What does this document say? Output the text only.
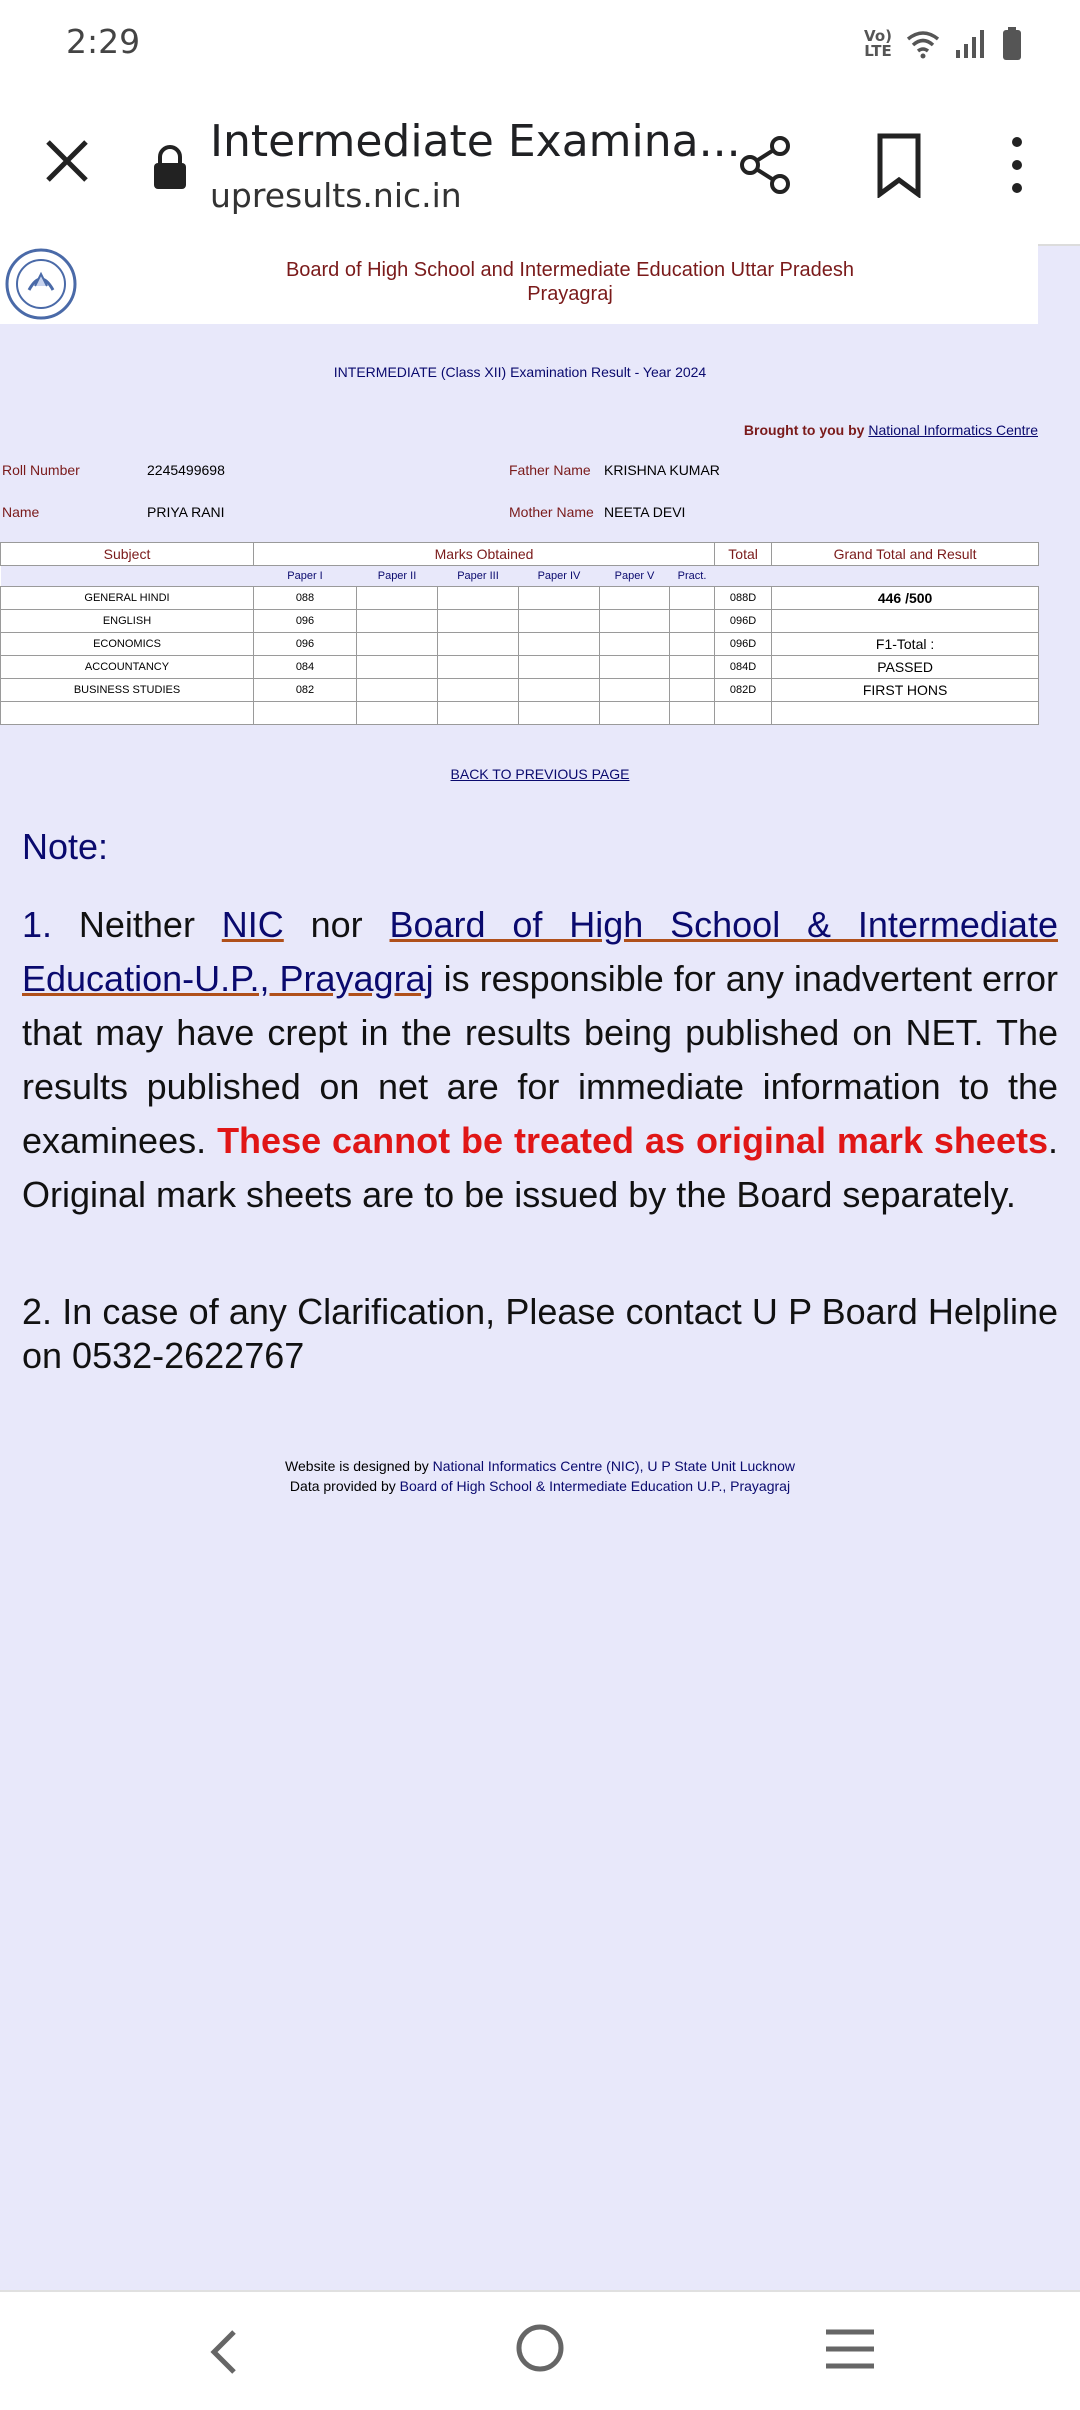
2:29	Vo)
LTE
Intermediate Examina...
upresults.nic.in
Board of High School and Intermediate Education Uttar Pradesh
Prayagraj
INTERMEDIATE (Class XII) Examination Result - Year 2024
Brought to you by National Informatics Centre
Roll Number	2245499698	Father Name KRISHNA KUMAR
Name	PRIYA RANI	Mother Name NEETA DEVI
Subject	Marks Obtained						Total	Grand Total and Result
	Paper I	Paper II	Paper III	Paper IV	Paper V	Pract.		
GENERAL HINDI	088						088D	446 /500
ENGLISH	096						096D	
ECONOMICS	096						096D	F1-Total :
ACCOUNTANCY	084						084D	PASSED
BUSINESS STUDIES	082						082D	FIRST HONS

BACK TO PREVIOUS PAGE
Note:
1. Neither NIC nor Board of High School & Intermediate Education-U.P., Prayagraj is responsible for any inadvertent error that may have crept in the results being published on NET. The results published on net are for immediate information to the examinees. These cannot be treated as original mark sheets. Original mark sheets are to be issued by the Board separately.
2. In case of any Clarification, Please contact U P Board Helpline on 0532-2622767
Website is designed by National Informatics Centre (NIC), U P State Unit Lucknow
Data provided by Board of High School & Intermediate Education U.P., Prayagraj
